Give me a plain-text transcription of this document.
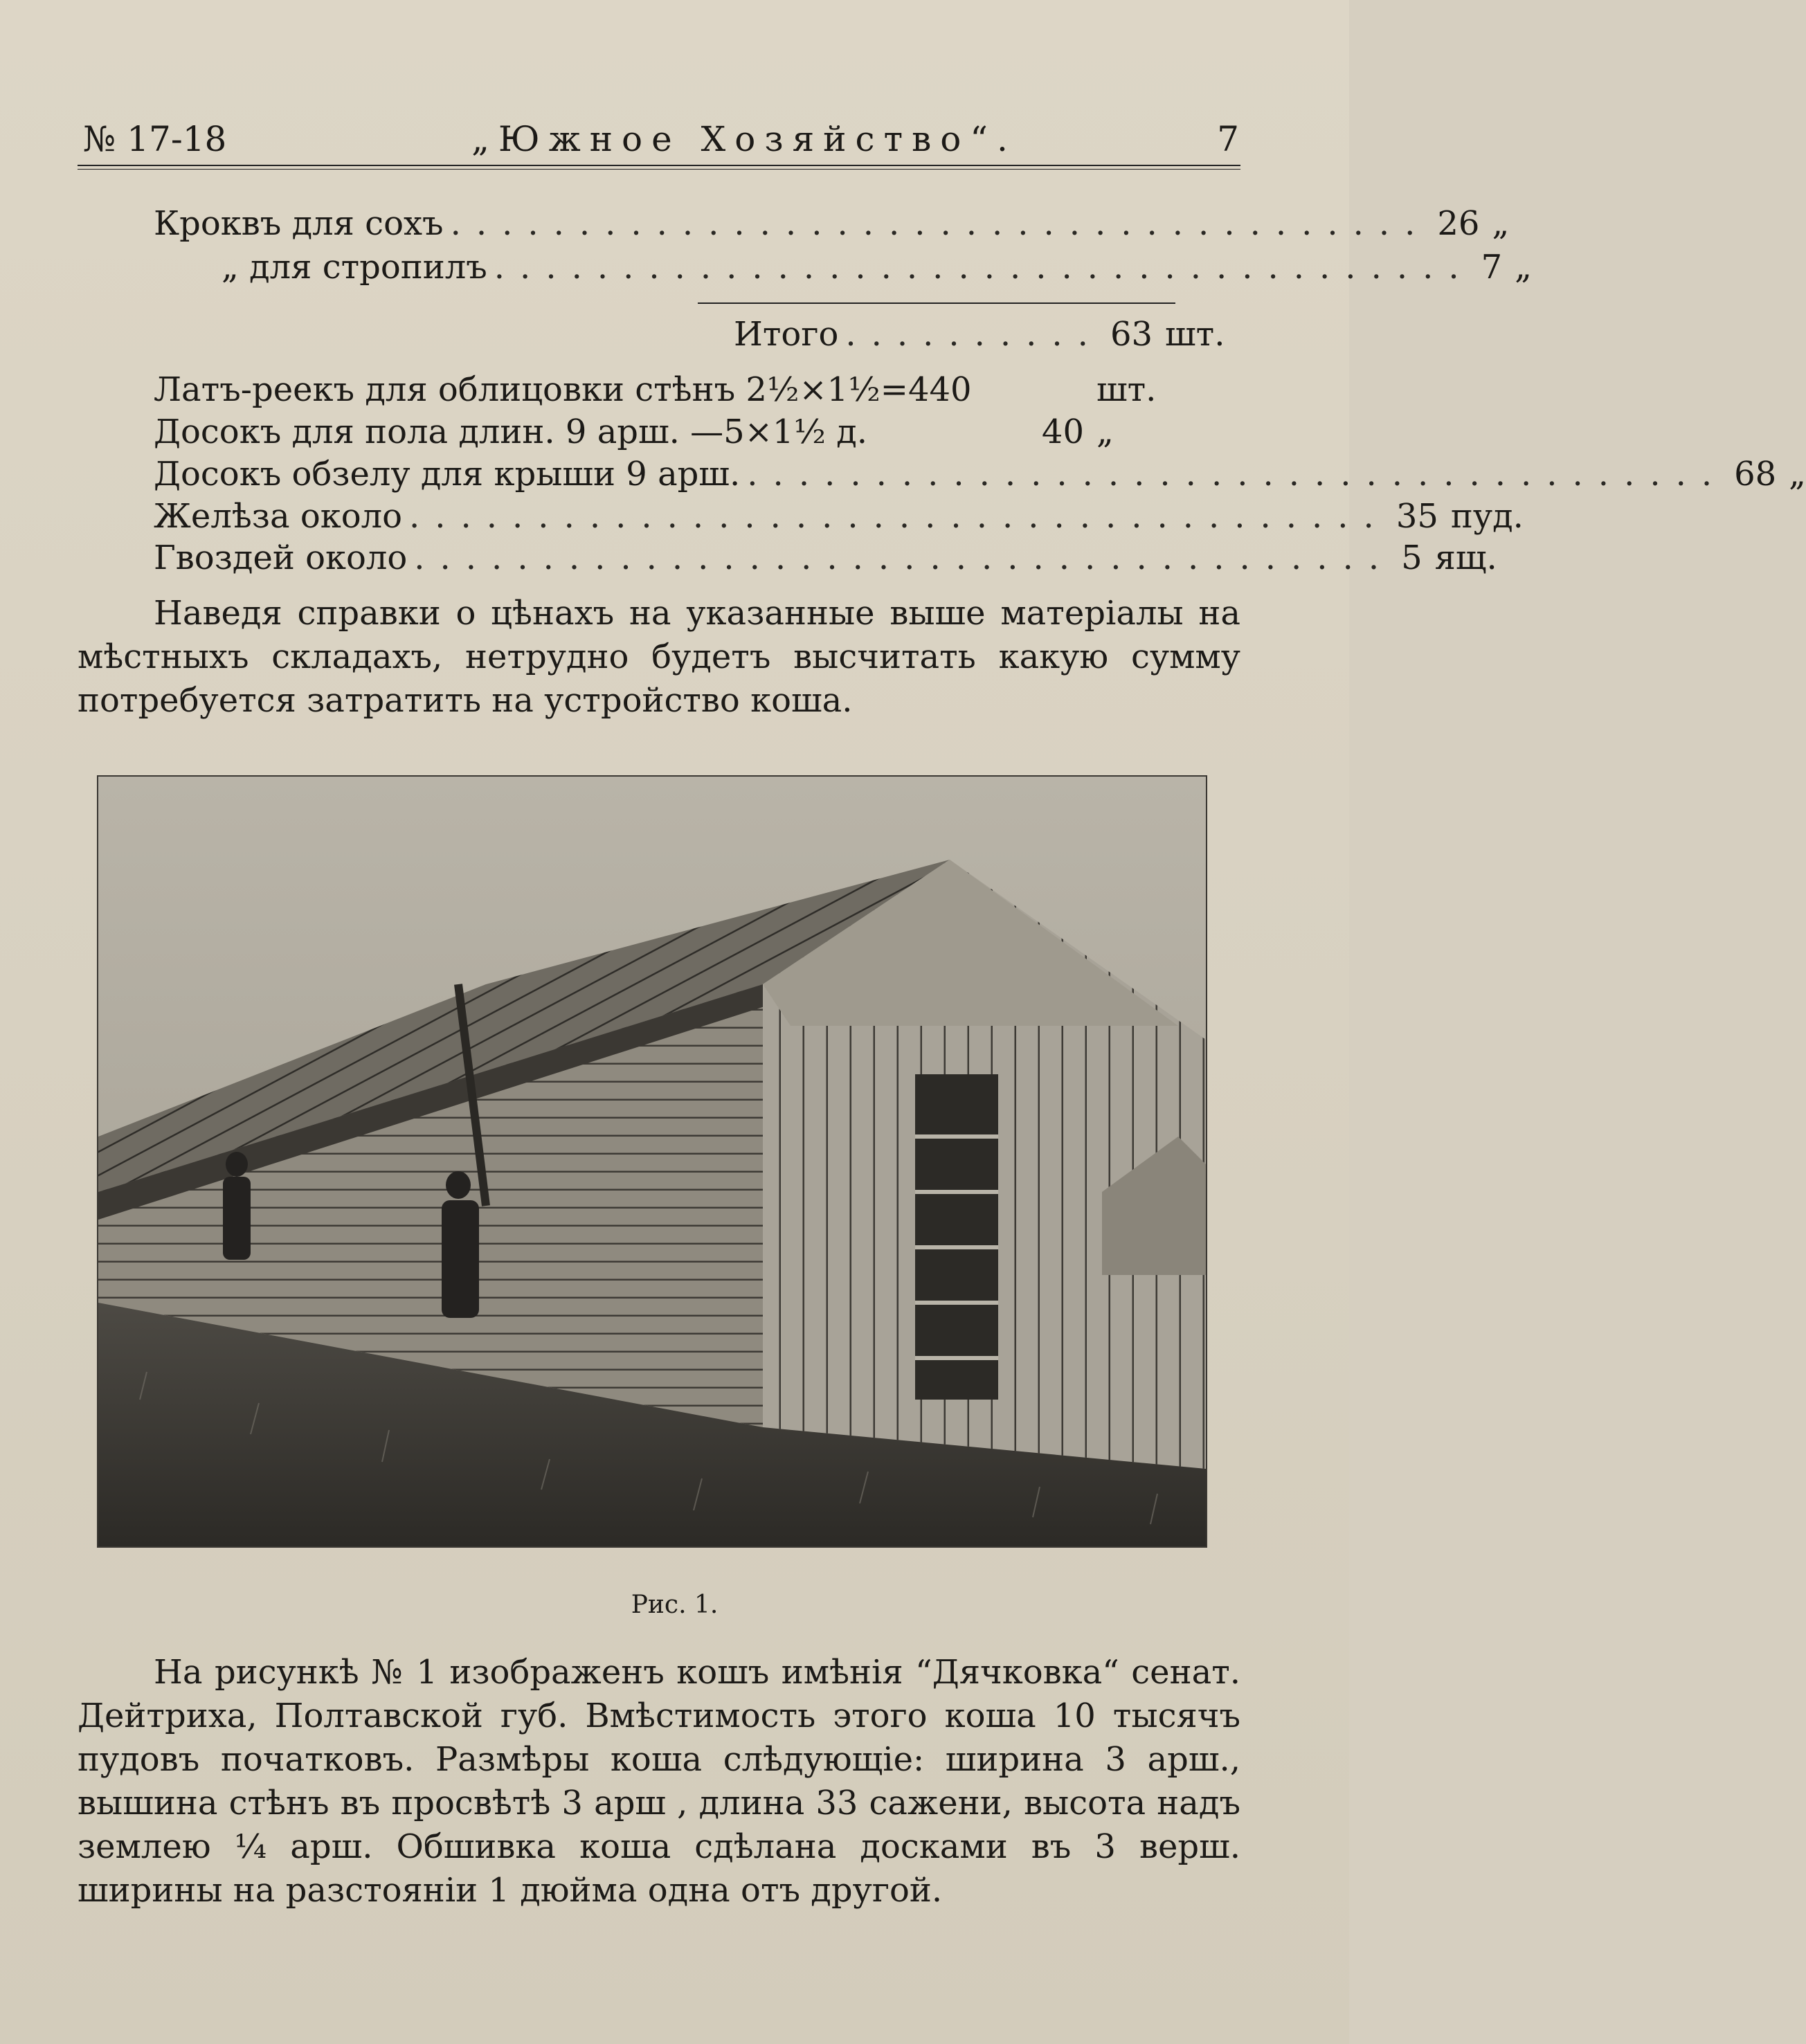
№ 17-18	„Южное Хозяйство“.	7
Кроквъ для сохъ ...................................... 26 „
„ для стропилъ ...................................... 7 „
Итого .......... 63 шт.
Латъ-реекъ для облицовки стѣнъ 2½×1½=440	шт.
Досокъ для пола длин. 9 арш. —5×1½ д.	40 „
Досокъ обзелу для крыши 9 арш. ...................................... 68 „
Желѣза около ...................................... 35 пуд.
Гвоздей около ...................................... 5 ящ.
Наведя справки о цѣнахъ на указанные выше матеріалы на мѣстныхъ складахъ, нетрудно будетъ высчитать какую сумму потребуется затратить на устройство коша.
Рис. 1.
На рисункѣ № 1 изображенъ кошъ имѣнія “Дячковка“ сенат. Дейтриха, Полтавской губ. Вмѣстимость этого коша 10 тысячъ пудовъ початковъ. Размѣры коша слѣдующіе: ширина 3 арш., вышина стѣнъ въ просвѣтѣ 3 арш , длина 33 сажени, высота надъ землею ¼ арш. Обшивка коша сдѣлана досками въ 3 верш. ширины на разстояніи 1 дюйма одна отъ другой.
